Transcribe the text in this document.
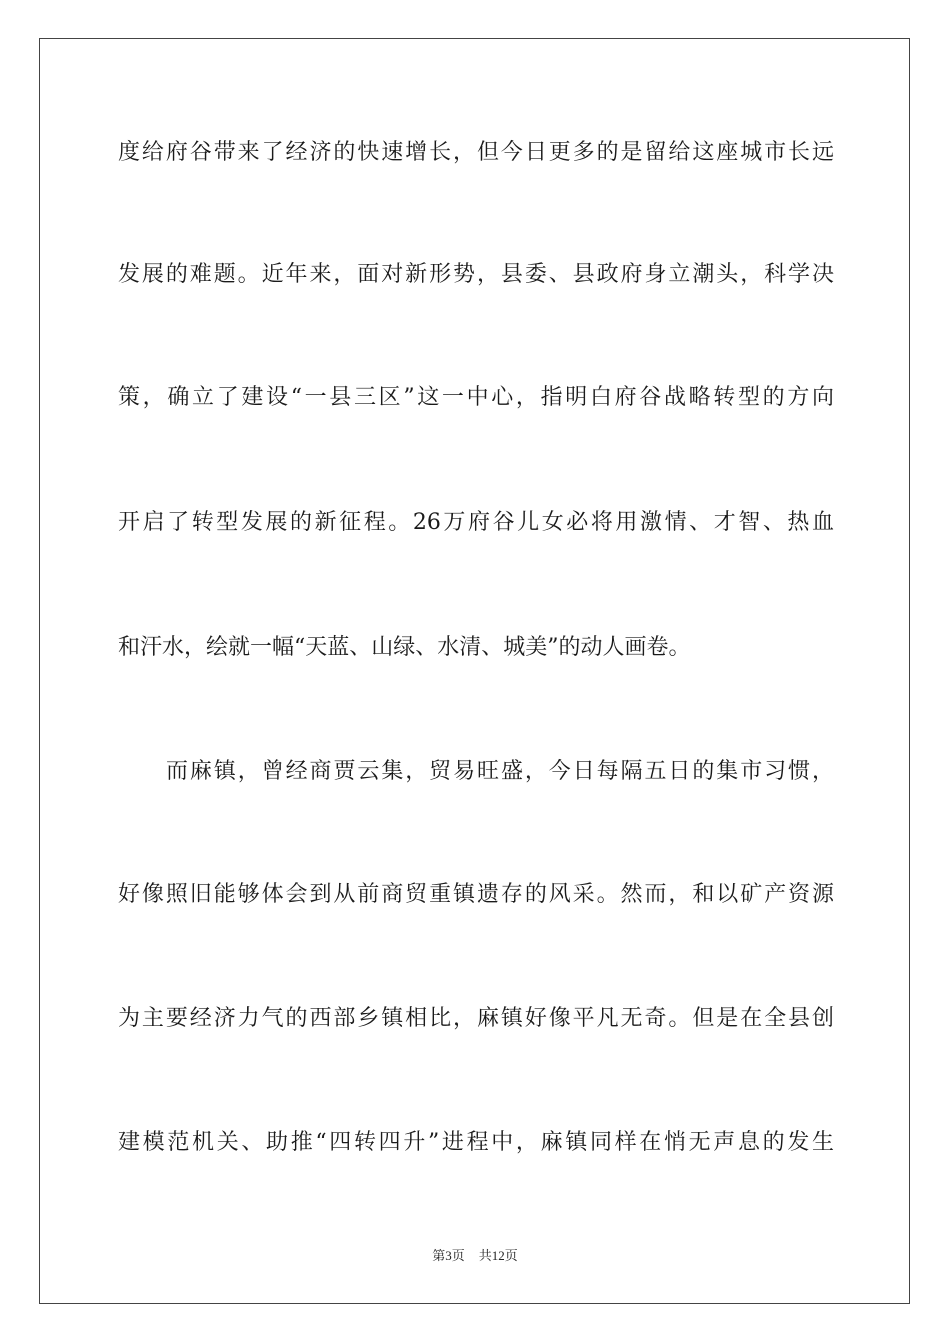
度给府谷带来了经济的快速增长，但今日更多的是留给这座城市长远
发展的难题。近年来，面对新形势，县委、县政府身立潮头，科学决
策，确立了建设“一县三区”这一中心，指明白府谷战略转型的方向
开启了转型发展的新征程。26万府谷儿女必将用激情、才智、热血
和汗水，绘就一幅“天蓝、山绿、水清、城美”的动人画卷。
而麻镇，曾经商贾云集，贸易旺盛，今日每隔五日的集市习惯，
好像照旧能够体会到从前商贸重镇遗存的风采。然而，和以矿产资源
为主要经济力气的西部乡镇相比，麻镇好像平凡无奇。但是在全县创
建模范机关、助推“四转四升”进程中，麻镇同样在悄无声息的发生
第3页 共12页
